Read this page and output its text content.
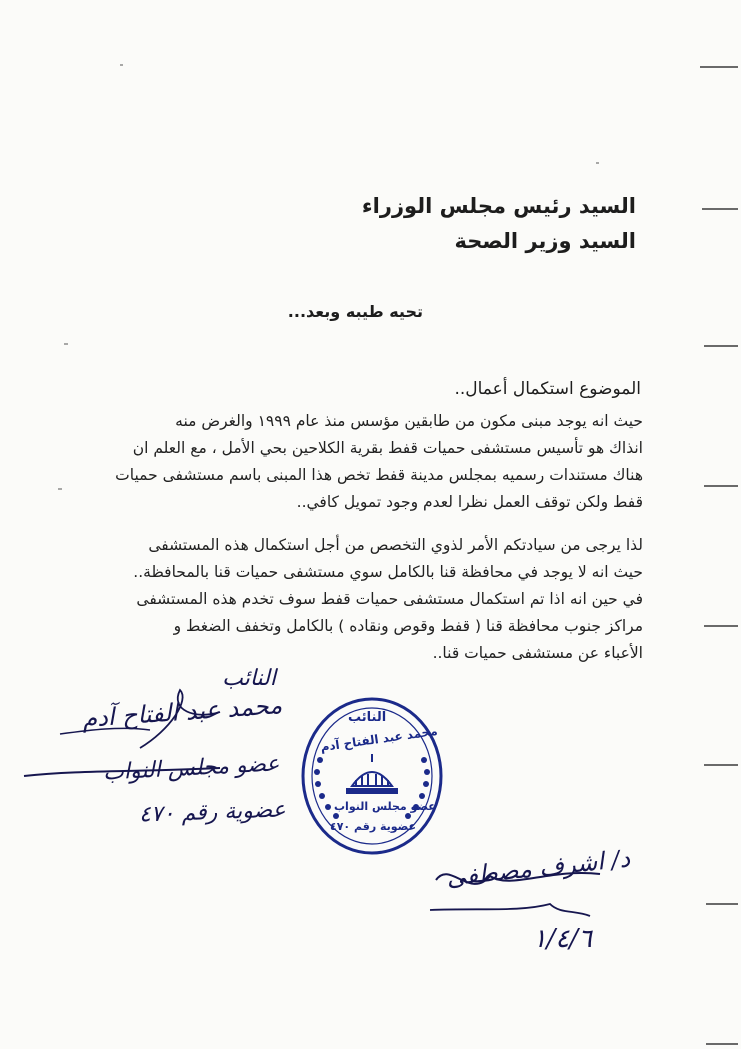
السيد رئيس مجلس الوزراء
السيد وزير الصحة
تحيه طيبه وبعد...
الموضوع استكمال أعمال..
حيث انه يوجد مبنى مكون من طابقين مؤسس منذ عام ١٩٩٩ والغرض منه
انذاك هو تأسيس مستشفى حميات قفط بقرية الكلاحين بحي الأمل ، مع العلم ان
هناك مستندات رسميه بمجلس مدينة قفط تخص هذا المبنى باسم مستشفى حميات
قفط ولكن توقف العمل نظرا لعدم وجود تمويل كافي..
لذا يرجى من سيادتكم الأمر لذوي التخصص من أجل استكمال هذه المستشفى
حيث انه لا يوجد في محافظة قنا بالكامل سوي مستشفى حميات قنا بالمحافظة..
في حين انه اذا تم استكمال مستشفى حميات قفط سوف تخدم هذه المستشفى
مراكز جنوب محافظة قنا ( قفط وقوص ونقاده ) بالكامل وتخفف الضغط و
الأعباء عن مستشفى حميات قنا..
النائب
محمد عبد الفتاح آدم
عضو مجلس النواب
عضوية رقم ٤٧٠
النائب
محمد عبد الفتاح آدم
عضو مجلس النواب
عضوية رقم ٤٧٠
د/ اشرف مصطفى
١/٤/٦
